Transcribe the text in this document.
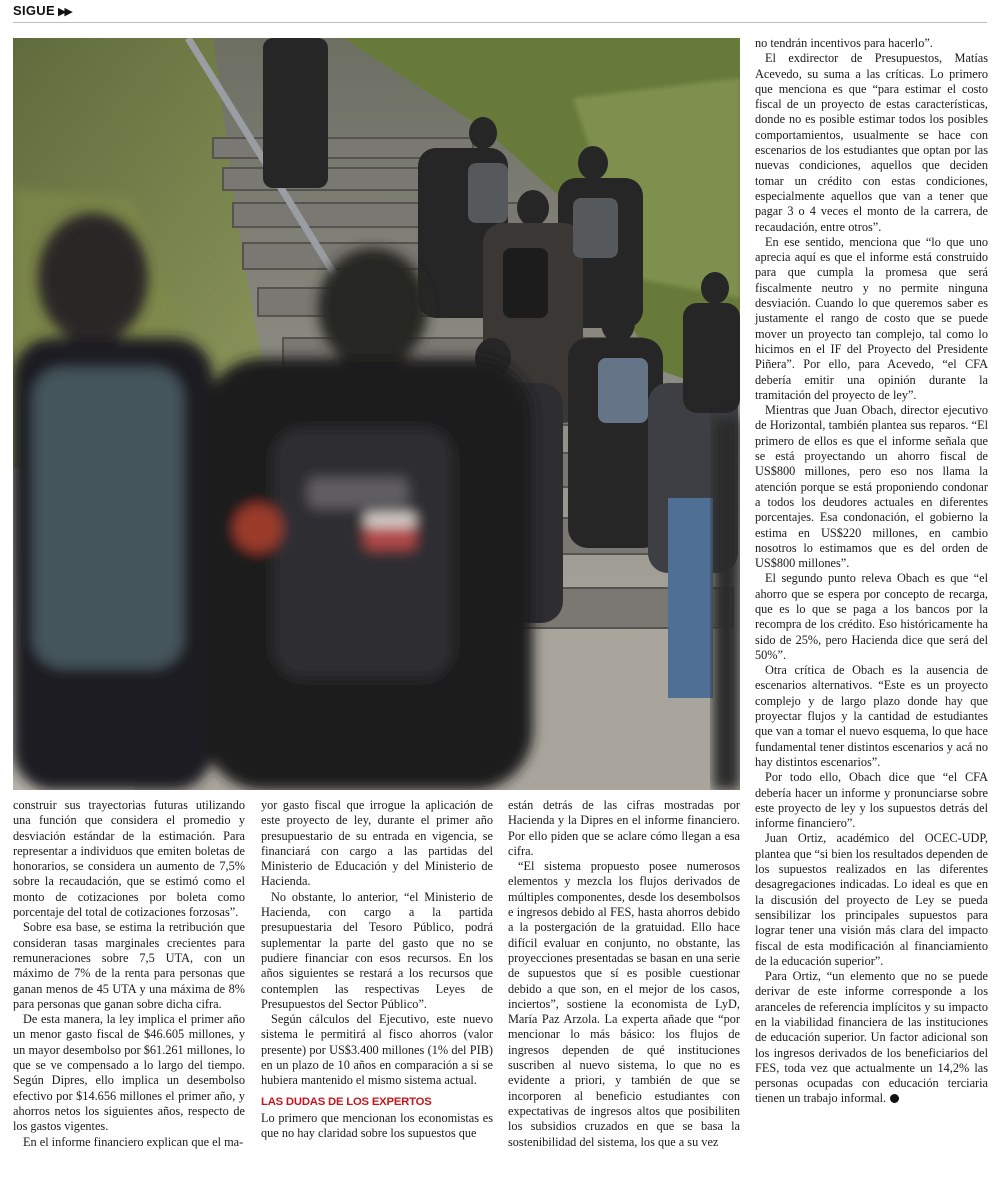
SIGUE ▶▶

construir sus trayectorias futuras utilizando una función que considera el promedio y desviación estándar de la estimación. Para representar a individuos que emiten boletas de honorarios, se considera un aumento de 7,5% sobre la recaudación, que se estimó como el monto de cotizaciones por boleta como porcentaje del total de cotizaciones forzosas”.

Sobre esa base, se estima la retribución que consideran tasas marginales crecientes para remuneraciones sobre 7,5 UTA, con un máximo de 7% de la renta para personas que ganan menos de 45 UTA y una máxima de 8% para personas que ganan sobre dicha cifra.

De esta manera, la ley implica el primer año un menor gasto fiscal de $46.605 millones, y un mayor desembolso por $61.261 millones, lo que se ve compensado a lo largo del tiempo. Según Dipres, ello implica un desembolso efectivo por $14.656 millones el primer año, y ahorros netos los siguientes años, respecto de los gastos vigentes.

En el informe financiero explican que el ma-

yor gasto fiscal que irrogue la aplicación de este proyecto de ley, durante el primer año presupuestario de su entrada en vigencia, se financiará con cargo a las partidas del Ministerio de Educación y del Ministerio de Hacienda.

No obstante, lo anterior, “el Ministerio de Hacienda, con cargo a la partida presupuestaria del Tesoro Público, podrá suplementar la parte del gasto que no se pudiere financiar con esos recursos. En los años siguientes se restará a los recursos que contemplen las respectivas Leyes de Presupuestos del Sector Público”.

Según cálculos del Ejecutivo, este nuevo sistema le permitirá al fisco ahorros (valor presente) por US$3.400 millones (1% del PIB) en un plazo de 10 años en comparación a si se hubiera mantenido el mismo sistema actual.

LAS DUDAS DE LOS EXPERTOS

Lo primero que mencionan los economistas es que no hay claridad sobre los supuestos que

están detrás de las cifras mostradas por Hacienda y la Dipres en el informe financiero. Por ello piden que se aclare cómo llegan a esa cifra.

“El sistema propuesto posee numerosos elementos y mezcla los flujos derivados de múltiples componentes, desde los desembolsos e ingresos debido al FES, hasta ahorros debido a la postergación de la gratuidad. Ello hace difícil evaluar en conjunto, no obstante, las proyecciones presentadas se basan en una serie de supuestos que sí es posible cuestionar debido a que son, en el mejor de los casos, inciertos”, sostiene la economista de LyD, María Paz Arzola. La experta añade que “por mencionar lo más básico: los flujos de ingresos dependen de qué instituciones suscriben al nuevo sistema, lo que no es evidente a priori, y también de que se incorporen al beneficio estudiantes con expectativas de ingresos altos que posibiliten los subsidios cruzados en que se basa la sostenibilidad del sistema, los que a su vez

no tendrán incentivos para hacerlo”.

El exdirector de Presupuestos, Matías Acevedo, su suma a las críticas. Lo primero que menciona es que “para estimar el costo fiscal de un proyecto de estas características, donde no es posible estimar todos los posibles comportamientos, usualmente se hace con escenarios de los estudiantes que optan por las nuevas condiciones, aquellos que deciden tomar un crédito con estas condiciones, especialmente aquellos que van a tener que pagar 3 o 4 veces el monto de la carrera, de recaudación, entre otros”.

En ese sentido, menciona que “lo que uno aprecia aquí es que el informe está construido para que cumpla la promesa que será fiscalmente neutro y no permite ninguna desviación. Cuando lo que queremos saber es justamente el rango de costo que se puede mover un proyecto tan complejo, tal como lo hicimos en el IF del Proyecto del Presidente Piñera”. Por ello, para Acevedo, “el CFA debería emitir una opinión durante la tramitación del proyecto de ley”.

Mientras que Juan Obach, director ejecutivo de Horizontal, también plantea sus reparos. “El primero de ellos es que el informe señala que se está proyectando un ahorro fiscal de US$800 millones, pero eso nos llama la atención porque se está proponiendo condonar a todos los deudores actuales en diferentes porcentajes. Esa condonación, el gobierno la estima en US$220 millones, en cambio nosotros lo estimamos que es del orden de US$800 millones”.

El segundo punto releva Obach es que “el ahorro que se espera por concepto de recarga, que es lo que se paga a los bancos por la recompra de los crédito. Eso históricamente ha sido de 25%, pero Hacienda dice que será del 50%”.

Otra crítica de Obach es la ausencia de escenarios alternativos. “Este es un proyecto complejo y de largo plazo donde hay que proyectar flujos y la cantidad de estudiantes que van a tomar el nuevo esquema, lo que hace fundamental tener distintos escenarios y acá no hay distintos escenarios”.

Por todo ello, Obach dice que “el CFA debería hacer un informe y pronunciarse sobre este proyecto de ley y los supuestos detrás del informe financiero”.

Juan Ortiz, académico del OCEC-UDP, plantea que “si bien los resultados dependen de los supuestos realizados en las diferentes desagregaciones indicadas. Lo ideal es que en la discusión del proyecto de Ley se pueda sensibilizar los principales supuestos para lograr tener una visión más clara del impacto fiscal de esta modificación al financiamiento de la educación superior”.

Para Ortiz, “un elemento que no se puede derivar de este informe corresponde a los aranceles de referencia implícitos y su impacto en la viabilidad financiera de las instituciones de educación superior. Un factor adicional son los ingresos derivados de los beneficiarios del FES, toda vez que actualmente un 14,2% las personas ocupadas con educación terciaria tienen un trabajo informal.
